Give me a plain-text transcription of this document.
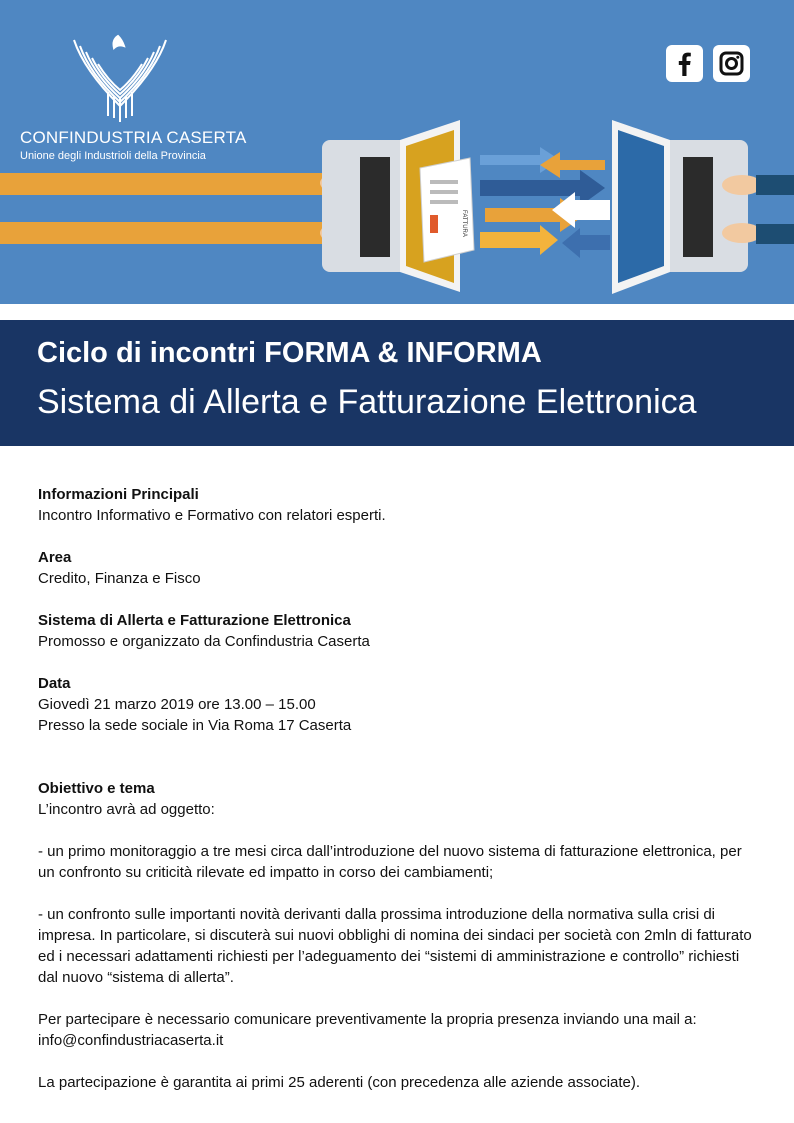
FATTURA
CONFINDUSTRIA CASERTA
Unione degli Industrioli della Provincia
Ciclo di incontri FORMA & INFORMA
Sistema di Allerta e Fatturazione Elettronica

Informazioni Principali

Incontro Informativo e Formativo con relatori esperti.

Area

Credito, Finanza e Fisco

Sistema di Allerta e Fatturazione Elettronica

Promosso e organizzato da Confindustria Caserta

Data

Giovedì 21 marzo 2019 ore 13.00 – 15.00

Presso la sede sociale in Via Roma 17 Caserta

Obiettivo e tema

L’incontro avrà ad oggetto:

- un primo monitoraggio a tre mesi circa dall’introduzione del nuovo sistema di fatturazione elettronica, per un confronto su criticità rilevate ed impatto in corso dei cambiamenti;

- un confronto sulle importanti novità derivanti dalla prossima introduzione della normativa sulla crisi di impresa. In particolare, si discuterà sui nuovi obblighi di nomina dei sindaci per società con 2mln di fatturato ed i necessari adattamenti richiesti per l’adeguamento dei “sistemi di amministrazione e controllo” richiesti dal nuovo “sistema di allerta”.

Per partecipare è necessario comunicare preventivamente la propria presenza inviando una mail a:

info@confindustriacaserta.it

La partecipazione è garantita ai primi 25 aderenti (con precedenza alle aziende associate).
